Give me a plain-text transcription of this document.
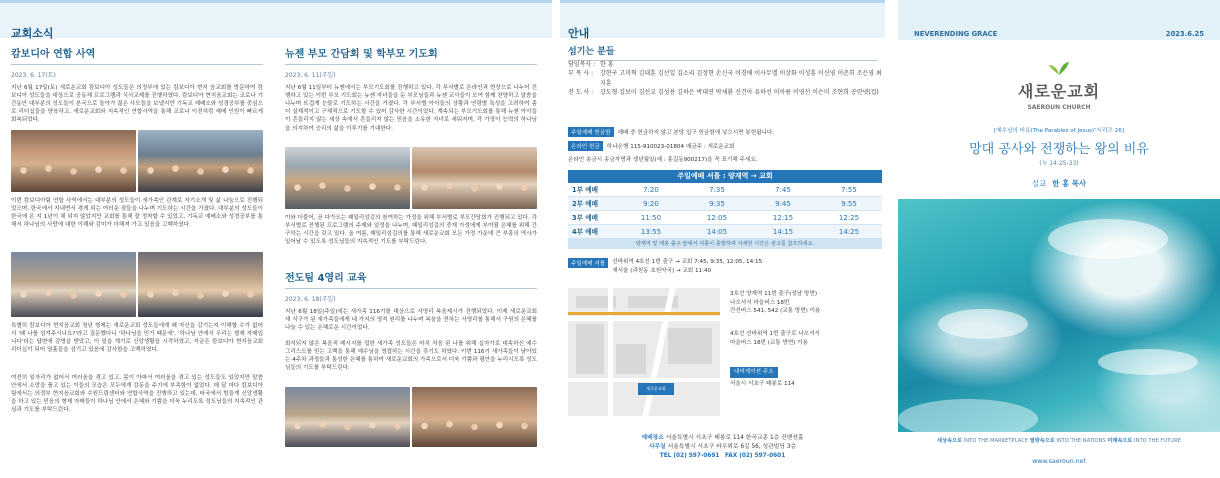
교회소식
캄보디아 연합 사역
2023. 6. 17(토)

지난 6월 17일(토) 새로운교회 캄보디아 성도들은 의정부에 있는 캄보디아 현지 음교회를 방문하여 캄보디아 성도들을 대상으로 공동체 프로그램과 식사교제를 진행하였다. 캄보디아 현지음교회는 코로나 기간동안 대부분의 성도들이 본국으로 돌아가 젊은 사모들을 보냈지만 기독교 예배소와 성경공부를 중심으로 리더십들을 양육하고, 새로운교회와 지속적인 연합사역을 통해 코로나 이전처럼 예배 인원이 빠르게 회복되었다.

이번 캄보디아팀 연합 사역에서는 대부분의 성도들이 새가족인 관계로 자기소개 및 삶 나눔으로 진행되었으며, 한국에서 지내면서 겪게 되는 여러운 점들을 나누며 기도하는 시간을 가졌다. 대부분의 성도들이 한국에 온 지 1년이 채 되지 않았지만 교회를 통해 잘 정착할 수 있었고, 기독교 예배소와 성경공부를 통해서 하나님의 사랑에 대한 이해와 감미가 더해져 가고 있음을 고백하였다.

특별히 캄보디아 현지음교회 청년 형제는 새로운교회 성도들에게 왜 자신을 감기는지 이해할 수가 없어서 '왜 나를 섬겨주시나요?'라고 질문했다니 '하나님을 믿기 때문에', '하나님 안에서 우리는 형제 자매입니다'라는 답변에 감명을 받았고, 이 일을 계기로 신앙생활을 시작하였고, 지금은 캄보디아 현지음교회 리더십이 되어 열흘들을 섬기고 있음에 감사함을 고백하였다.

여전히 일자리가 없어서 여러움을 겪고 있고, 몸이 아파서 여러움을 겪고 있는 성도들도 있었지만 말씀 안에서 소망을 품고 있는 이들의 모습은 모두에게 감동을 주기에 부족함이 없었다. 매 달 마다 캄보디아팀에서는 의정부 현지음교회와 수원드림센터와 연합사역을 진행하고 있는데, 타국에서 힘들게 신앙생활을 하고 있는 믿음의 형제 자매들이 하나님 안에서 은혜와 기쁨을 더욱 누리도록 성도님들의 지속적인 관심과 기도를 부탁드린다.

뉴젠 부모 간담회 및 학부모 기도회
2023. 6. 11(주일)

지난 6월 11일부터 뉴젠에서는 부모기도회를 진행하고 있다. 각 부서별로 온라인과 현장으로 나누어 진행하고 있는 이번 부모 기도회는 뉴젠 자녀들을 둔 부모님들과 뉴젠 교사들이 모여 함께 찬양하고 말씀을 나누며 뜨겁게 눈물로 기도하는 시간을 가졌다. 각 부서별 아이들의 상황과 연령별 특성을 고려하여 좀 더 실제적이고 구체적으로 기도할 수 있어 감사한 시간이었다. 계속되는 부모기도회를 통해 뉴젠 아이들이 흔들리지 않는 세상 속에서 흔들리지 않는 믿음을 소유한 자녀로 세워지며, 각 가정이 능력의 하나님을 의지하여 승리의 삶을 이루기를 기대한다.

이와 더불어, 곧 다가오는 패밀리섬김의 참여하는 가정을 위해 부서별로 부모간담회가 진행되고 있다. 각 부서별로 진행된 프로그램의 주제와 일정을 나누며, 패밀리섬김의 중재 가정에게 부여될 은혜를 위해 간구하는 시간을 갖고 있다. 올 여름, 패밀리섬김의를 통해 새로운교회 모든 가정 가운데 큰 부흥의 역사가 일어날 수 있도록 성도님들의 지속적인 기도를 부탁드린다.

전도팀 4영리 교육
2023. 6. 18(주일)

지난 6월 18일(주일)에는 새가족 116기를 대상으로 사영리 복음제시가 진행되었다. 이제 새로운교회 새 식구가 된 새가족들에게 네 가지의 영적 원리를 나누며 복음을 전하는 사영리를 통해서 구원의 은혜를 나눌 수 있는 은혜로운 시간이었다.

회석되지 않은 복음적 메시지를 접한 새가족 성도들은 마치 처음 된 나를 위해 십자가로 대속하신 예수 그리스도를 믿는 고백을 통해 예수님을 영접하는 시간을 갖기도 하였다. 이번 116기 새가족들이 남아있는 4주차 과정들과 통성한 은혜를 통하여 새로운교회의 가족으로서 더욱 기쁨과 평안을 누리시도록 성도님들의 기도를 부탁드린다.

안내
섬기는 분들
담임목사 : 한 홍
부 목 사 :	강현구 고미혁 김대훈 김선일 김소리 김정현 손신국 이경애 이사무엘 이상화 이성훈 이신영 이준희 조은영 최지훈
전 도 사 :	강도형 김보미 김선교 김성용 김하은 박대연 박세환 신건아 유하선 이아름 이영선 이은미 조현희 공련넷(컵)
주일예배 헌금함	예배 중 헌금하지 않고 본당 입구 헌금함에 넣으시면 봉헌됩니다.
온라인 헌금	하나은행 115-910023-01804 예금주 : 새로운교회
온라인 송금시 송금자명과 생년월일(예 : 홍길동900217)을 꼭 표기해 주세요.
주일예배 셔틀 : 양재역 → 교회
1부 예배	7:20	7:35	7:45	7:55
2부 예배	9:20	9:35	9:45	9:55
3부 예배	11:50	12:05	12:15	12:25
4부 예배	13:55	14:05	14:15	14:25
양재역 및 매봉 출구 앞에서 셔틀이 출발하며 자세한 시간은 광고를 참조하세요.
주일예배 셔틀	선바위역 4호선 1번 출구 → 교회 7:45, 9:35, 12:05, 14:15
새서울 (과천동 초원약국) → 교회 11:40
새로운교회
3호선 양재역 11번 출구(성남 방면)
나오셔서 마을버스 18번
간선버스 541, 542 (교통 방면) 이용
4호선 선바위역 1번 출구로 나오셔서
마을버스 18번 (교통 방면) 이용
내비게이션 주소
서울시 서초구 태봉로 114
예배장소 서울특별시 서초구 태봉로 114 한국교총 1층 컨벤션홀
사무실 서울특별시 서초구 바우뫼로 6길 56, 성관빌딩 3층
TEL (02) 597-0691 FAX (02) 597-0601
NEVERENDING GRACE	2023.6.25
새로운교회
SAEROUN CHURCH
[예수님의 비유(The Parables of Jesus)"시리즈 26]
망대 공사와 전쟁하는 왕의 비유
(눅 14:25-33)
설교 한 홍 목사
세상속으로 INTO THE MARKETPLACE 열방속으로 INTO THE NATIONS 미래속으로 INTO THE FUTURE
www.saeroun.net
